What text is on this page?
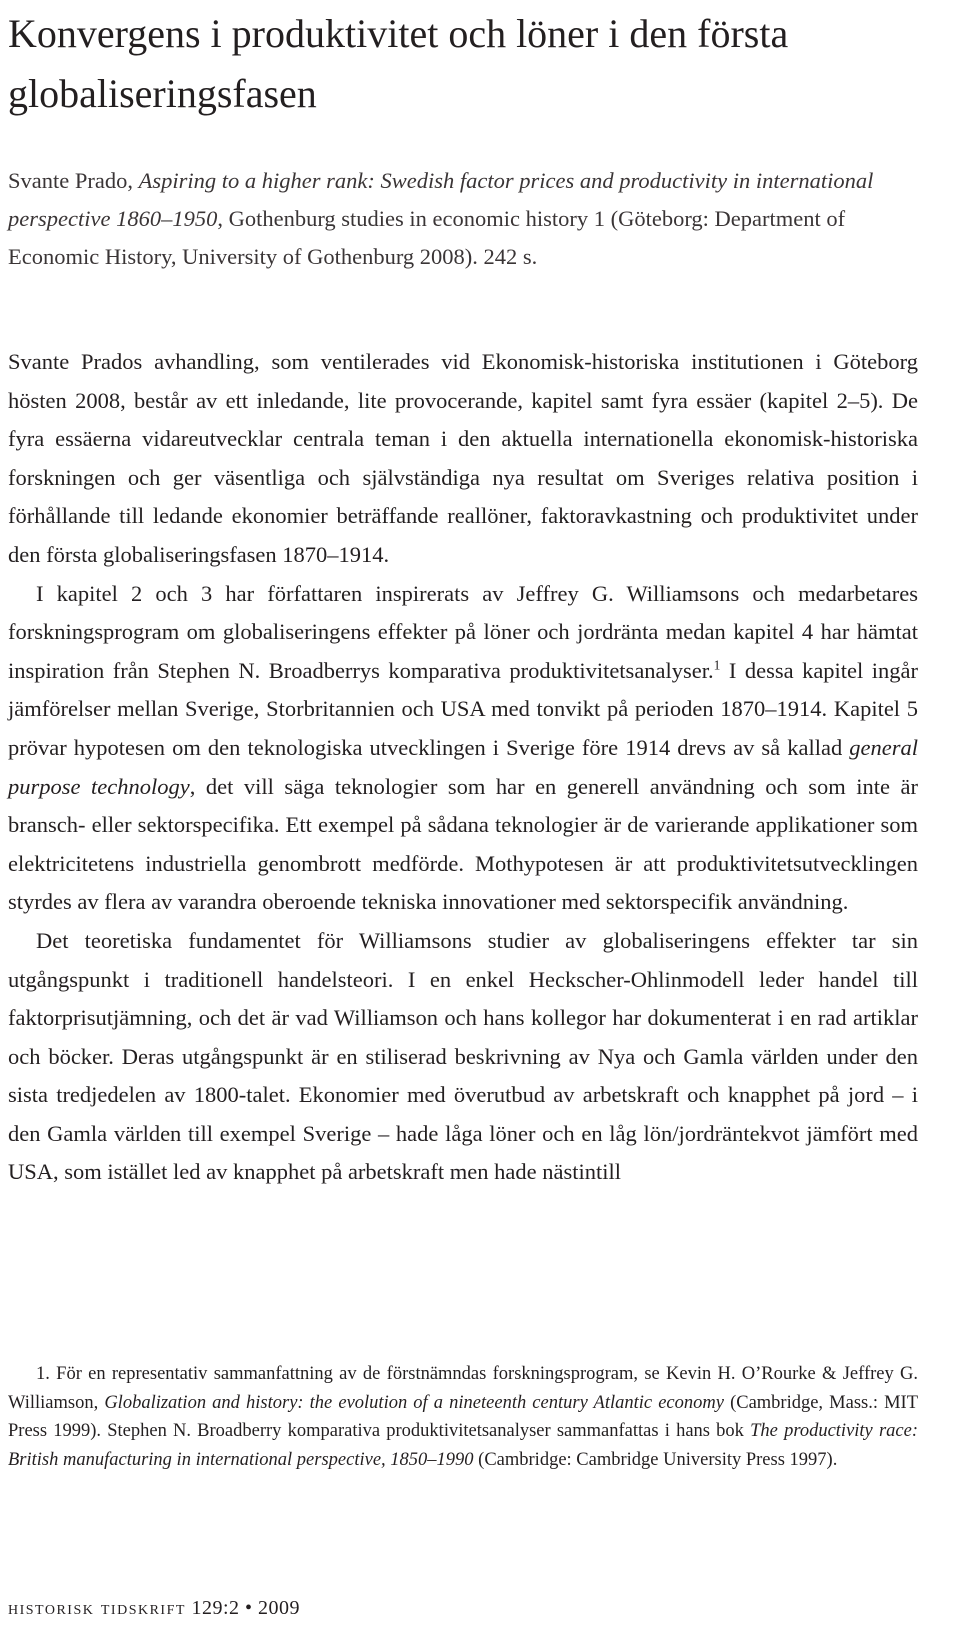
Konvergens i produktivitet och löner i den första globaliseringsfasen

Svante Prado, Aspiring to a higher rank: Swedish factor prices and productivity in international perspective 1860–1950, Gothenburg studies in economic history 1 (Göteborg: Department of Economic History, University of Gothenburg 2008). 242 s.

Svante Prados avhandling, som ventilerades vid Ekonomisk-historiska institutionen i Göteborg hösten 2008, består av ett inledande, lite provocerande, kapitel samt fyra essäer (kapitel 2–5). De fyra essäerna vidareutvecklar centrala teman i den aktuella internationella ekonomisk-historiska forskningen och ger väsentliga och självständiga nya resultat om Sveriges relativa position i förhållande till ledande ekonomier beträffande reallöner, faktoravkastning och produktivitet under den första globaliseringsfasen 1870–1914.

I kapitel 2 och 3 har författaren inspirerats av Jeffrey G. Williamsons och medarbetares forskningsprogram om globaliseringens effekter på löner och jordränta medan kapitel 4 har hämtat inspiration från Stephen N. Broadberrys komparativa produktivitetsanalyser.$^1$ I dessa kapitel ingår jämförelser mellan Sverige, Storbritannien och USA med tonvikt på perioden 1870–1914. Kapitel 5 prövar hypotesen om den teknologiska utvecklingen i Sverige före 1914 drevs av så kallad general purpose technology, det vill säga teknologier som har en generell användning och som inte är bransch- eller sektorspecifika. Ett exempel på sådana teknologier är de varierande applikationer som elektricitetens industriella genombrott medförde. Mothypotesen är att produktivitetsutvecklingen styrdes av flera av varandra oberoende tekniska innovationer med sektorspecifik användning.

Det teoretiska fundamentet för Williamsons studier av globaliseringens effekter tar sin utgångspunkt i traditionell handelsteori. I en enkel Heckscher-Ohlinmodell leder handel till faktorprisutjämning, och det är vad Williamson och hans kollegor har dokumenterat i en rad artiklar och böcker. Deras utgångspunkt är en stiliserad beskrivning av Nya och Gamla världen under den sista tredjedelen av 1800-talet. Ekonomier med överutbud av arbetskraft och knapphet på jord – i den Gamla världen till exempel Sverige – hade låga löner och en låg lön/jordräntekvot jämfört med USA, som istället led av knapphet på arbetskraft men hade nästintill

1. För en representativ sammanfattning av de förstnämndas forskningsprogram, se Kevin H. O’Rourke & Jeffrey G. Williamson, Globalization and history: the evolution of a nineteenth century Atlantic economy (Cambridge, Mass.: MIT Press 1999). Stephen N. Broadberry komparativa produktivitetsanalyser sammanfattas i hans bok The productivity race: British manufacturing in international perspective, 1850–1990 (Cambridge: Cambridge University Press 1997).

historisk tidskrift 129:2 • 2009
